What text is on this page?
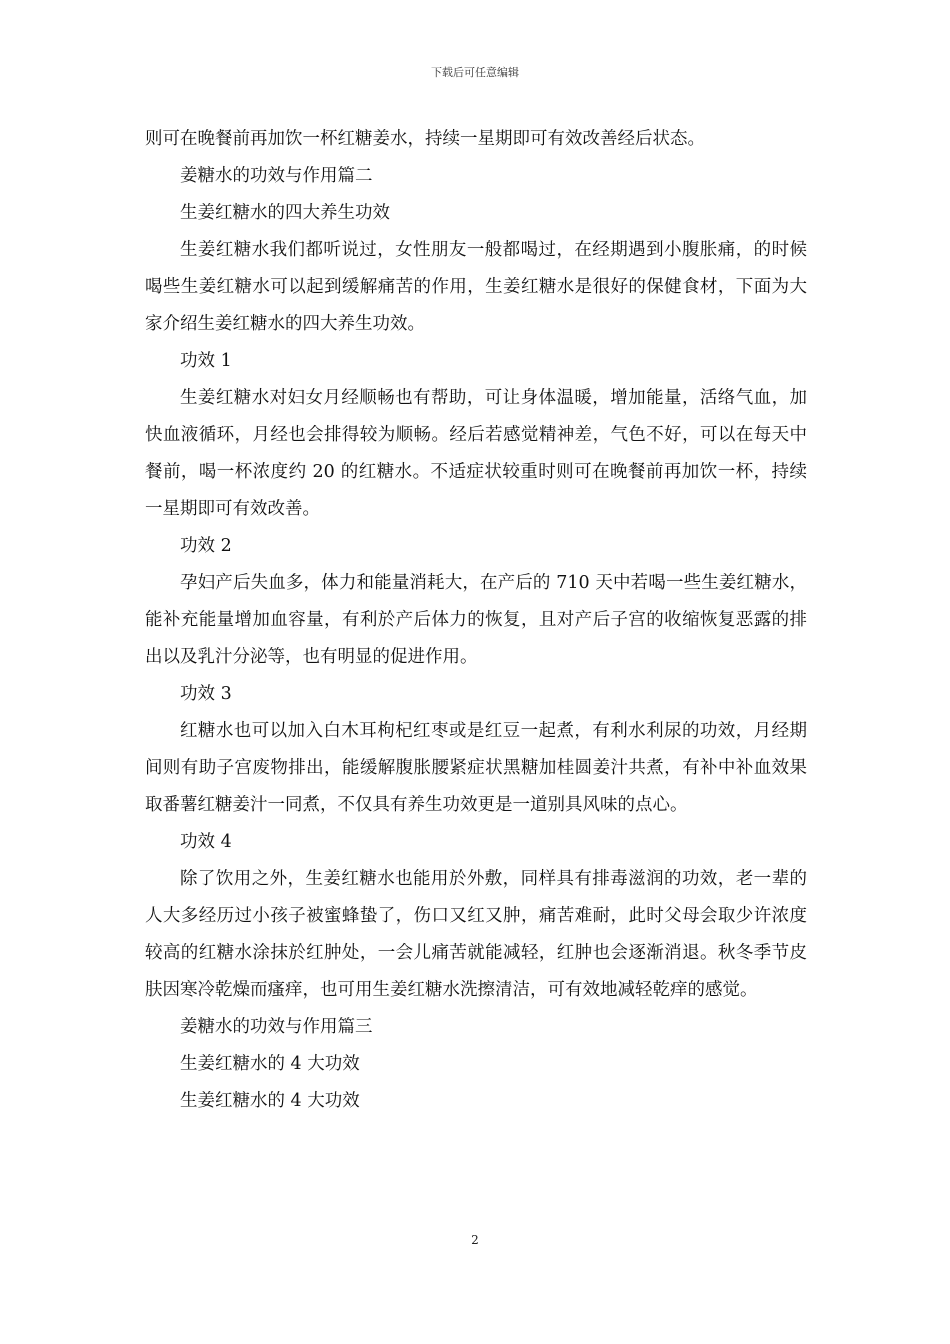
下载后可任意编辑

则可在晚餐前再加饮一杯红糖姜水，持续一星期即可有效改善经后状态。

姜糖水的功效与作用篇二

生姜红糖水的四大养生功效

生姜红糖水我们都听说过，女性朋友一般都喝过，在经期遇到小腹胀痛，的时候喝些生姜红糖水可以起到缓解痛苦的作用，生姜红糖水是很好的保健食材，下面为大家介绍生姜红糖水的四大养生功效。

功效 1

生姜红糖水对妇女月经顺畅也有帮助，可让身体温暖，增加能量，活络气血，加快血液循环，月经也会排得较为顺畅。经后若感觉精神差，气色不好，可以在每天中餐前，喝一杯浓度约 20 的红糖水。不适症状较重时则可在晚餐前再加饮一杯，持续一星期即可有效改善。

功效 2

孕妇产后失血多，体力和能量消耗大，在产后的 710 天中若喝一些生姜红糖水，能补充能量增加血容量，有利於产后体力的恢复，且对产后子宫的收缩恢复恶露的排出以及乳汁分泌等，也有明显的促进作用。

功效 3

红糖水也可以加入白木耳枸杞红枣或是红豆一起煮，有利水利尿的功效，月经期间则有助子宫废物排出，能缓解腹胀腰紧症状黑糖加桂圆姜汁共煮，有补中补血效果取番薯红糖姜汁一同煮，不仅具有养生功效更是一道别具风味的点心。

功效 4

除了饮用之外，生姜红糖水也能用於外敷，同样具有排毒滋润的功效，老一辈的人大多经历过小孩子被蜜蜂蛰了，伤口又红又肿，痛苦难耐，此时父母会取少许浓度较高的红糖水涂抹於红肿处，一会儿痛苦就能减轻，红肿也会逐渐消退。秋冬季节皮肤因寒冷乾燥而瘙痒，也可用生姜红糖水洗擦清洁，可有效地减轻乾痒的感觉。

姜糖水的功效与作用篇三

生姜红糖水的 4 大功效

生姜红糖水的 4 大功效

2
